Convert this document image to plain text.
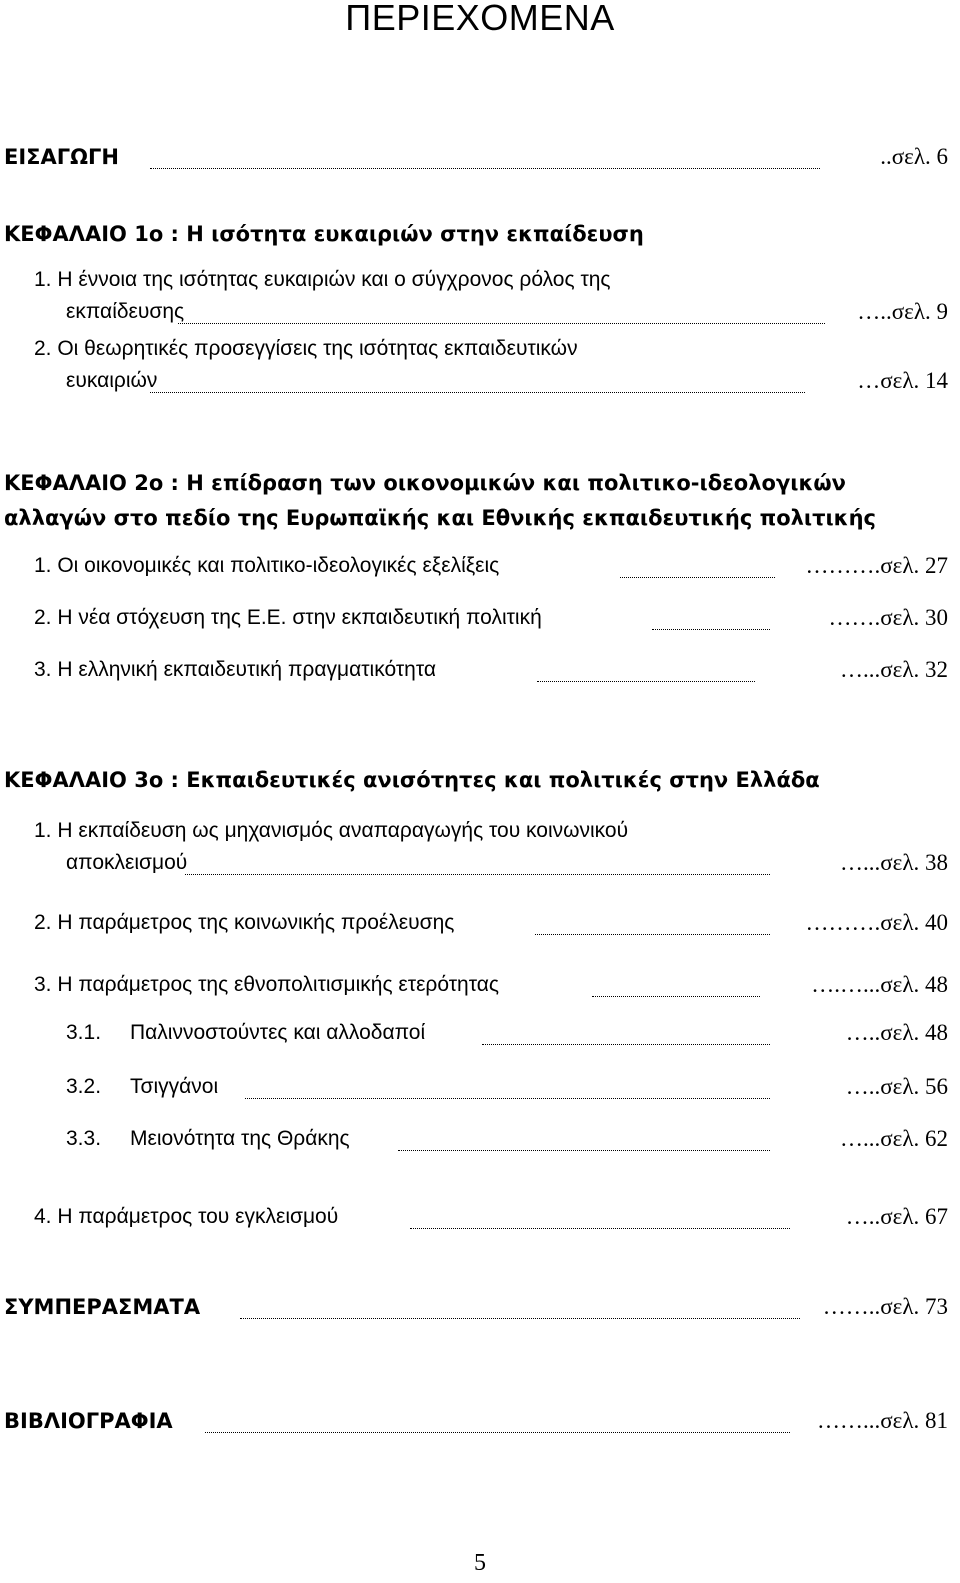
ΠΕΡΙΕΧΟΜΕΝΑ
ΕΙΣΑΓΩΓΗ	..σελ. 6
ΚΕΦΑΛΑΙΟ 1ο : Η ισότητα ευκαιριών στην εκπαίδευση
1. Η έννοια της ισότητας ευκαιριών και ο σύγχρονος ρόλος της
εκπαίδευσης	…..σελ. 9
2. Οι θεωρητικές προσεγγίσεις της ισότητας εκπαιδευτικών
ευκαιριών	…σελ. 14
ΚΕΦΑΛΑΙΟ 2ο : Η επίδραση των οικονομικών και πολιτικο-ιδεολογικών
αλλαγών στο πεδίο της Ευρωπαϊκής και Εθνικής εκπαιδευτικής πολιτικής
1. Οι οικονομικές και πολιτικο-ιδεολογικές εξελίξεις	……….σελ. 27
2. Η νέα στόχευση της Ε.Ε. στην εκπαιδευτική πολιτική	…….σελ. 30
3. Η ελληνική εκπαιδευτική πραγματικότητα	…...σελ. 32
ΚΕΦΑΛΑΙΟ 3ο : Εκπαιδευτικές ανισότητες και πολιτικές στην Ελλάδα
1. Η εκπαίδευση ως μηχανισμός αναπαραγωγής του κοινωνικού
αποκλεισμού	…...σελ. 38
2. Η παράμετρος της κοινωνικής προέλευσης	……….σελ. 40
3. Η παράμετρος της εθνοπολιτισμικής ετερότητας	….…...σελ. 48
3.1. Παλιννοστούντες και αλλοδαποί	…..σελ. 48
3.2. Τσιγγάνοι	…..σελ. 56
3.3. Μειονότητα της Θράκης	…...σελ. 62
4. Η παράμετρος του εγκλεισμού	…..σελ. 67
ΣΥΜΠΕΡΑΣΜΑΤΑ	……..σελ. 73
ΒΙΒΛΙΟΓΡΑΦΙΑ	……...σελ. 81
5
